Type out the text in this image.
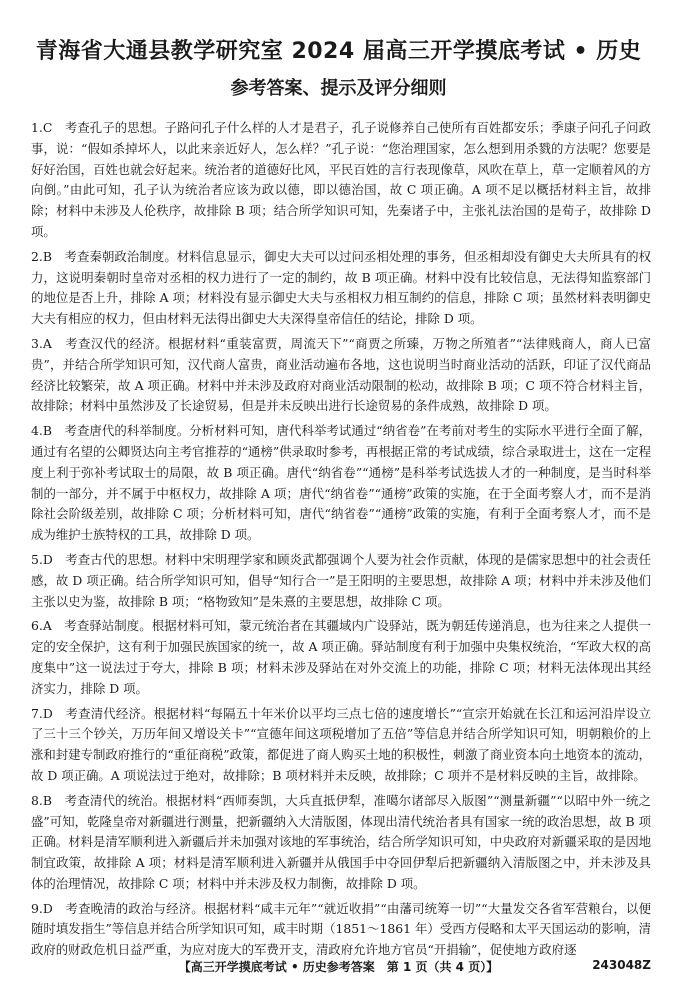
青海省大通县教学研究室 2024 届高三开学摸底考试 • 历史
参考答案、提示及评分细则

1.C　考查孔子的思想。子路问孔子什么样的人才是君子，孔子说修养自己使所有百姓都安乐；季康子问孔子问政事，说：“假如杀掉坏人，以此来亲近好人，怎么样？”孔子说：“您治理国家，怎么想到用杀戮的方法呢？您要是好好治国，百姓也就会好起来。统治者的道德好比风，平民百姓的言行表现像草，风吹在草上，草一定顺着风的方向倒。”由此可知，孔子认为统治者应该为政以德，即以德治国，故 C 项正确。A 项不足以概括材料主旨，故排除；材料中未涉及人伦秩序，故排除 B 项；结合所学知识可知，先秦诸子中，主张礼法治国的是荀子，故排除 D 项。

2.B　考查秦朝政治制度。材料信息显示，御史大夫可以过问丞相处理的事务，但丞相却没有御史大夫所具有的权力，这说明秦朝时皇帝对丞相的权力进行了一定的制约，故 B 项正确。材料中没有比较信息，无法得知监察部门的地位是否上升，排除 A 项；材料没有显示御史大夫与丞相权力相互制约的信息，排除 C 项；虽然材料表明御史大夫有相应的权力，但由材料无法得出御史大夫深得皇帝信任的结论，排除 D 项。

3.A　考查汉代的经济。根据材料“重装富贾，周流天下”“商贾之所臻，万物之所殖者”“法律贱商人，商人已富贵”，并结合所学知识可知，汉代商人富贵，商业活动遍布各地，这也说明当时商业活动的活跃，印证了汉代商品经济比较繁荣，故 A 项正确。材料中并未涉及政府对商业活动限制的松动，故排除 B 项；C 项不符合材料主旨，故排除；材料中虽然涉及了长途贸易，但是并未反映出进行长途贸易的条件成熟，故排除 D 项。

4.B　考查唐代的科举制度。分析材料可知，唐代科举考试通过“纳省卷”在考前对考生的实际水平进行全面了解，通过有名望的公卿贤达向主考官推荐的“通榜”供录取时参考，再根据正常的考试成绩，综合录取进士，这在一定程度上利于弥补考试取士的局限，故 B 项正确。唐代“纳省卷”“通榜”是科举考试选拔人才的一种制度，是当时科举制的一部分，并不属于中枢权力，故排除 A 项；唐代“纳省卷”“通榜”政策的实施，在于全面考察人才，而不是消除社会阶级差别，故排除 C 项；分析材料可知，唐代“纳省卷”“通榜”政策的实施，有利于全面考察人才，而不是成为维护士族特权的工具，故排除 D 项。

5.D　考查古代的思想。材料中宋明理学家和顾炎武都强调个人要为社会作贡献，体现的是儒家思想中的社会责任感，故 D 项正确。结合所学知识可知，倡导“知行合一”是王阳明的主要思想，故排除 A 项；材料中并未涉及他们主张以史为鉴，故排除 B 项；“格物致知”是朱熹的主要思想，故排除 C 项。

6.A　考查驿站制度。根据材料可知，蒙元统治者在其疆域内广设驿站，既为朝廷传递消息，也为往来之人提供一定的安全保护，这有利于加强民族国家的统一，故 A 项正确。驿站制度有利于加强中央集权统治，“军政大权的高度集中”这一说法过于夸大，排除 B 项；材料未涉及驿站在对外交流上的功能，排除 C 项；材料无法体现出其经济实力，排除 D 项。

7.D　考查清代经济。根据材料“每隔五十年米价以平均三点七倍的速度增长”“宣宗开始就在长江和运河沿岸设立了三十三个钞关，万历年间又增设关卡”“宣德年间这项税增加了五倍”等信息并结合所学知识可知，明朝粮价的上涨和封建专制政府推行的“重征商税”政策，都促进了商人购买土地的积极性，刺激了商业资本向土地资本的流动，故 D 项正确。A 项说法过于绝对，故排除；B 项材料并未反映，故排除；C 项并不是材料反映的主旨，故排除。

8.B　考查清代的统治。根据材料“西师奏凯，大兵直抵伊犁，准噶尔诸部尽入版图”“测量新疆”“以昭中外一统之盛”可知，乾隆皇帝对新疆进行测量，把新疆纳入大清版图，体现出清代统治者具有国家一统的政治思想，故 B 项正确。材料是清军顺利进入新疆后并未加强对该地的军事统治，结合所学知识可知，中央政府对新疆采取的是因地制宜政策，故排除 A 项；材料是清军顺利进入新疆并从俄国手中夺回伊犁后把新疆纳入清版图之中，并未涉及具体的治理情况，故排除 C 项；材料中并未涉及权力制衡，故排除 D 项。

9.D　考查晚清的政治与经济。根据材料“咸丰元年”“就近收捐”“由藩司统筹一切”“大量发交各省军营粮台，以便随时填发指生”等信息并结合所学知识可知，咸丰时期（1851～1861 年）受西方侵略和太平天国运动的影响，清政府的财政危机日益严重，为应对庞大的军费开支，清政府允许地方官员“开捐输”，促使地方政府逐

【高三开学摸底考试 • 历史参考答案　第 1 页（共 4 页）】	243048Z
